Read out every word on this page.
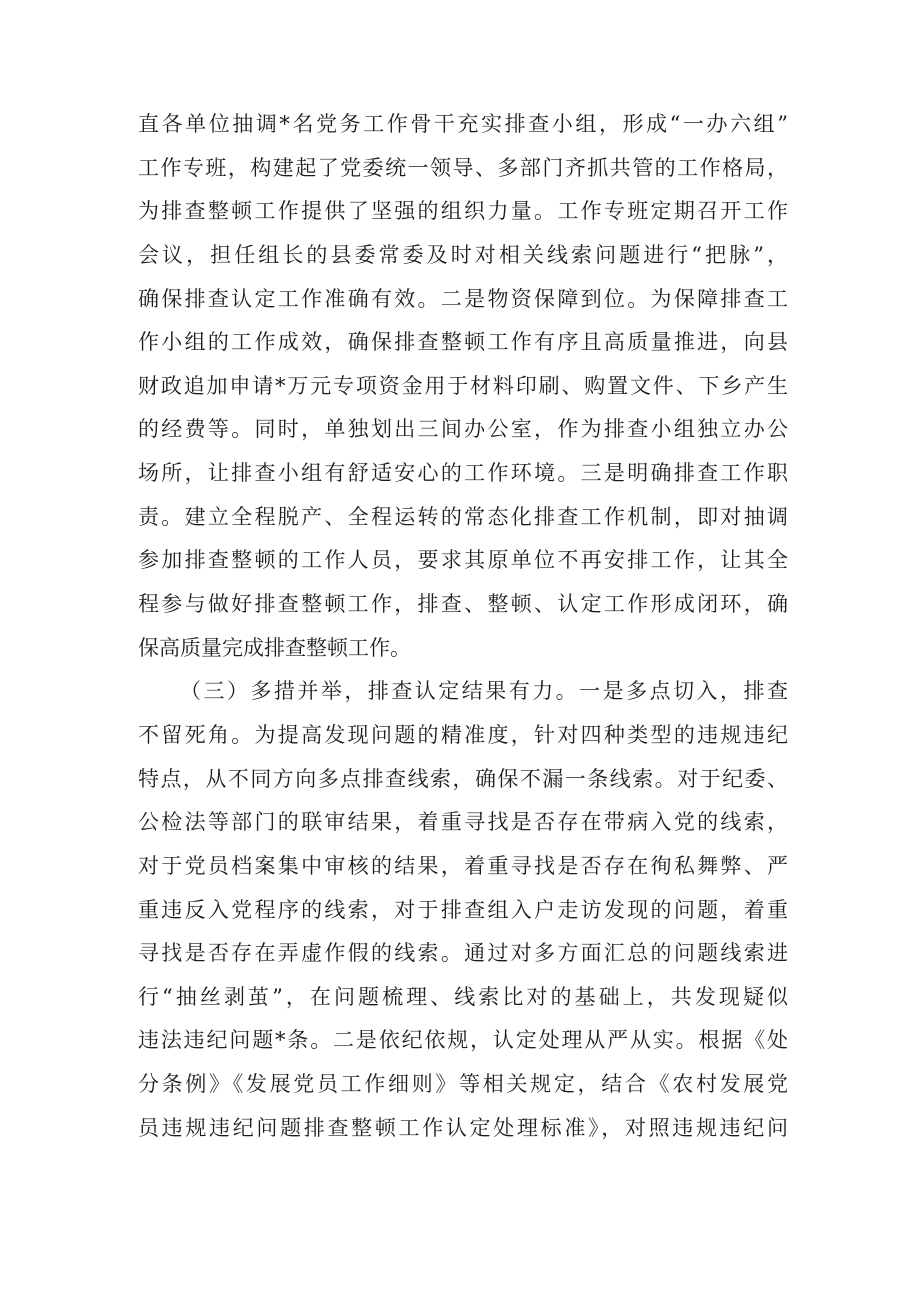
直各单位抽调*名党务工作骨干充实排查小组，形成“一办六组”
工作专班，构建起了党委统一领导、多部门齐抓共管的工作格局，
为排查整顿工作提供了坚强的组织力量。工作专班定期召开工作
会议，担任组长的县委常委及时对相关线索问题进行“把脉”，
确保排查认定工作准确有效。二是物资保障到位。为保障排查工
作小组的工作成效，确保排查整顿工作有序且高质量推进，向县
财政追加申请*万元专项资金用于材料印刷、购置文件、下乡产生
的经费等。同时，单独划出三间办公室，作为排查小组独立办公
场所，让排查小组有舒适安心的工作环境。三是明确排查工作职
责。建立全程脱产、全程运转的常态化排查工作机制，即对抽调
参加排查整顿的工作人员，要求其原单位不再安排工作，让其全
程参与做好排查整顿工作，排查、整顿、认定工作形成闭环，确
保高质量完成排查整顿工作。
（三）多措并举，排查认定结果有力。一是多点切入，排查
不留死角。为提高发现问题的精准度，针对四种类型的违规违纪
特点，从不同方向多点排查线索，确保不漏一条线索。对于纪委、
公检法等部门的联审结果，着重寻找是否存在带病入党的线索，
对于党员档案集中审核的结果，着重寻找是否存在徇私舞弊、严
重违反入党程序的线索，对于排查组入户走访发现的问题，着重
寻找是否存在弄虚作假的线索。通过对多方面汇总的问题线索进
行“抽丝剥茧”，在问题梳理、线索比对的基础上，共发现疑似
违法违纪问题*条。二是依纪依规，认定处理从严从实。根据《处
分条例》《发展党员工作细则》等相关规定，结合《农村发展党
员违规违纪问题排查整顿工作认定处理标准》，对照违规违纪问
